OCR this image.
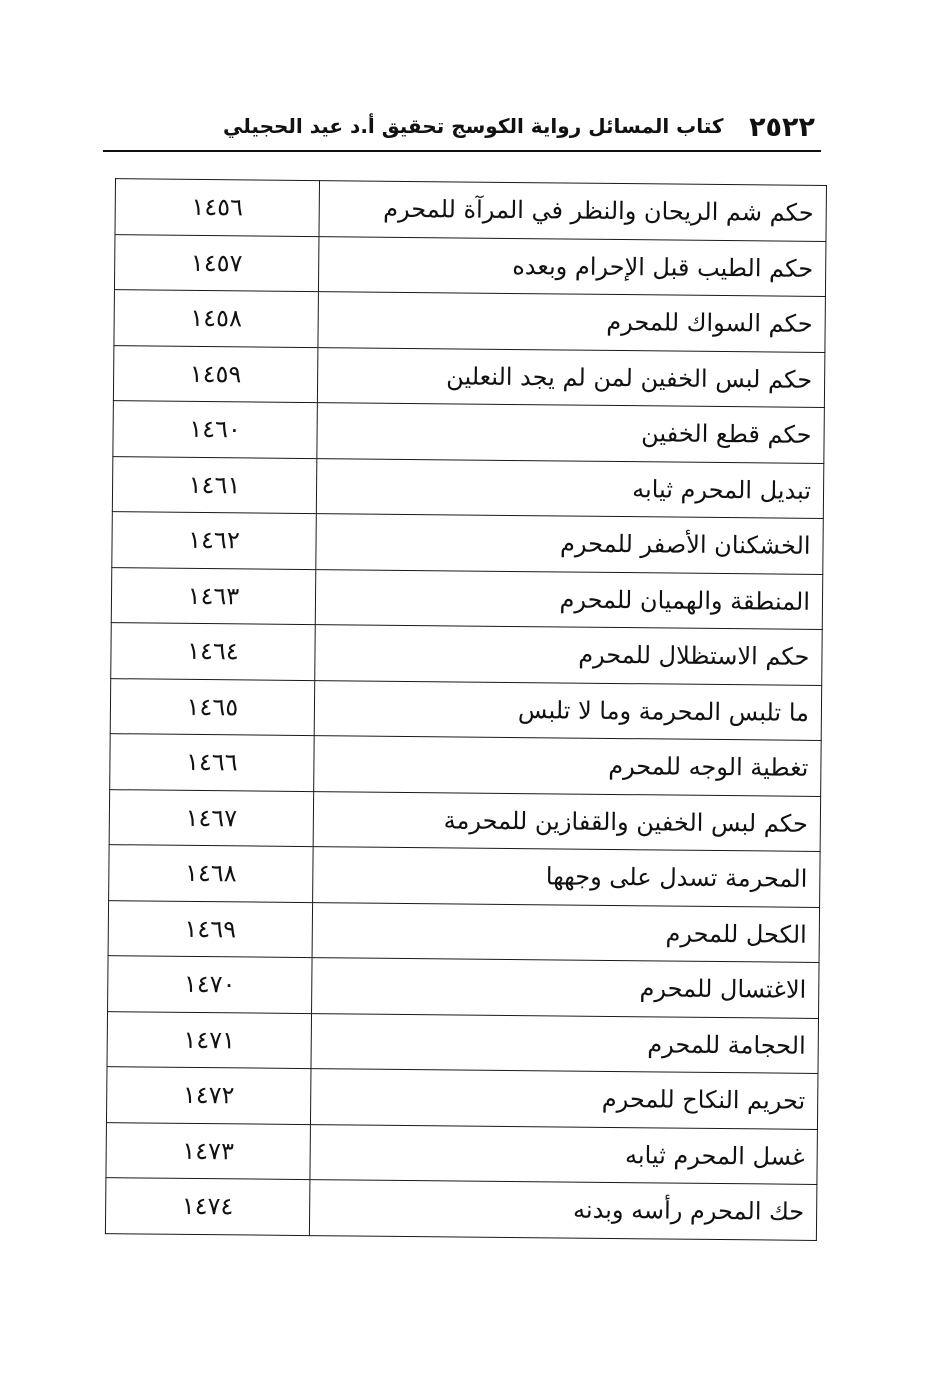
٢٥٢٢
كتاب المسائل رواية الكوسج تحقيق أ.د عيد الحجيلي
حكم شم الريحان والنظر في المرآة للمحرم	١٤٥٦
حكم الطيب قبل الإحرام وبعده	١٤٥٧
حكم السواك للمحرم	١٤٥٨
حكم لبس الخفين لمن لم يجد النعلين	١٤٥٩
حكم قطع الخفين	١٤٦٠
تبديل المحرم ثيابه	١٤٦١
الخشكنان الأصفر للمحرم	١٤٦٢
المنطقة والهميان للمحرم	١٤٦٣
حكم الاستظلال للمحرم	١٤٦٤
ما تلبس المحرمة وما لا تلبس	١٤٦٥
تغطية الوجه للمحرم	١٤٦٦
حكم لبس الخفين والقفازين للمحرمة	١٤٦٧
المحرمة تسدل على وجهها	١٤٦٨
الكحل للمحرم	١٤٦٩
الاغتسال للمحرم	١٤٧٠
الحجامة للمحرم	١٤٧١
تحريم النكاح للمحرم	١٤٧٢
غسل المحرم ثيابه	١٤٧٣
حك المحرم رأسه وبدنه	١٤٧٤
